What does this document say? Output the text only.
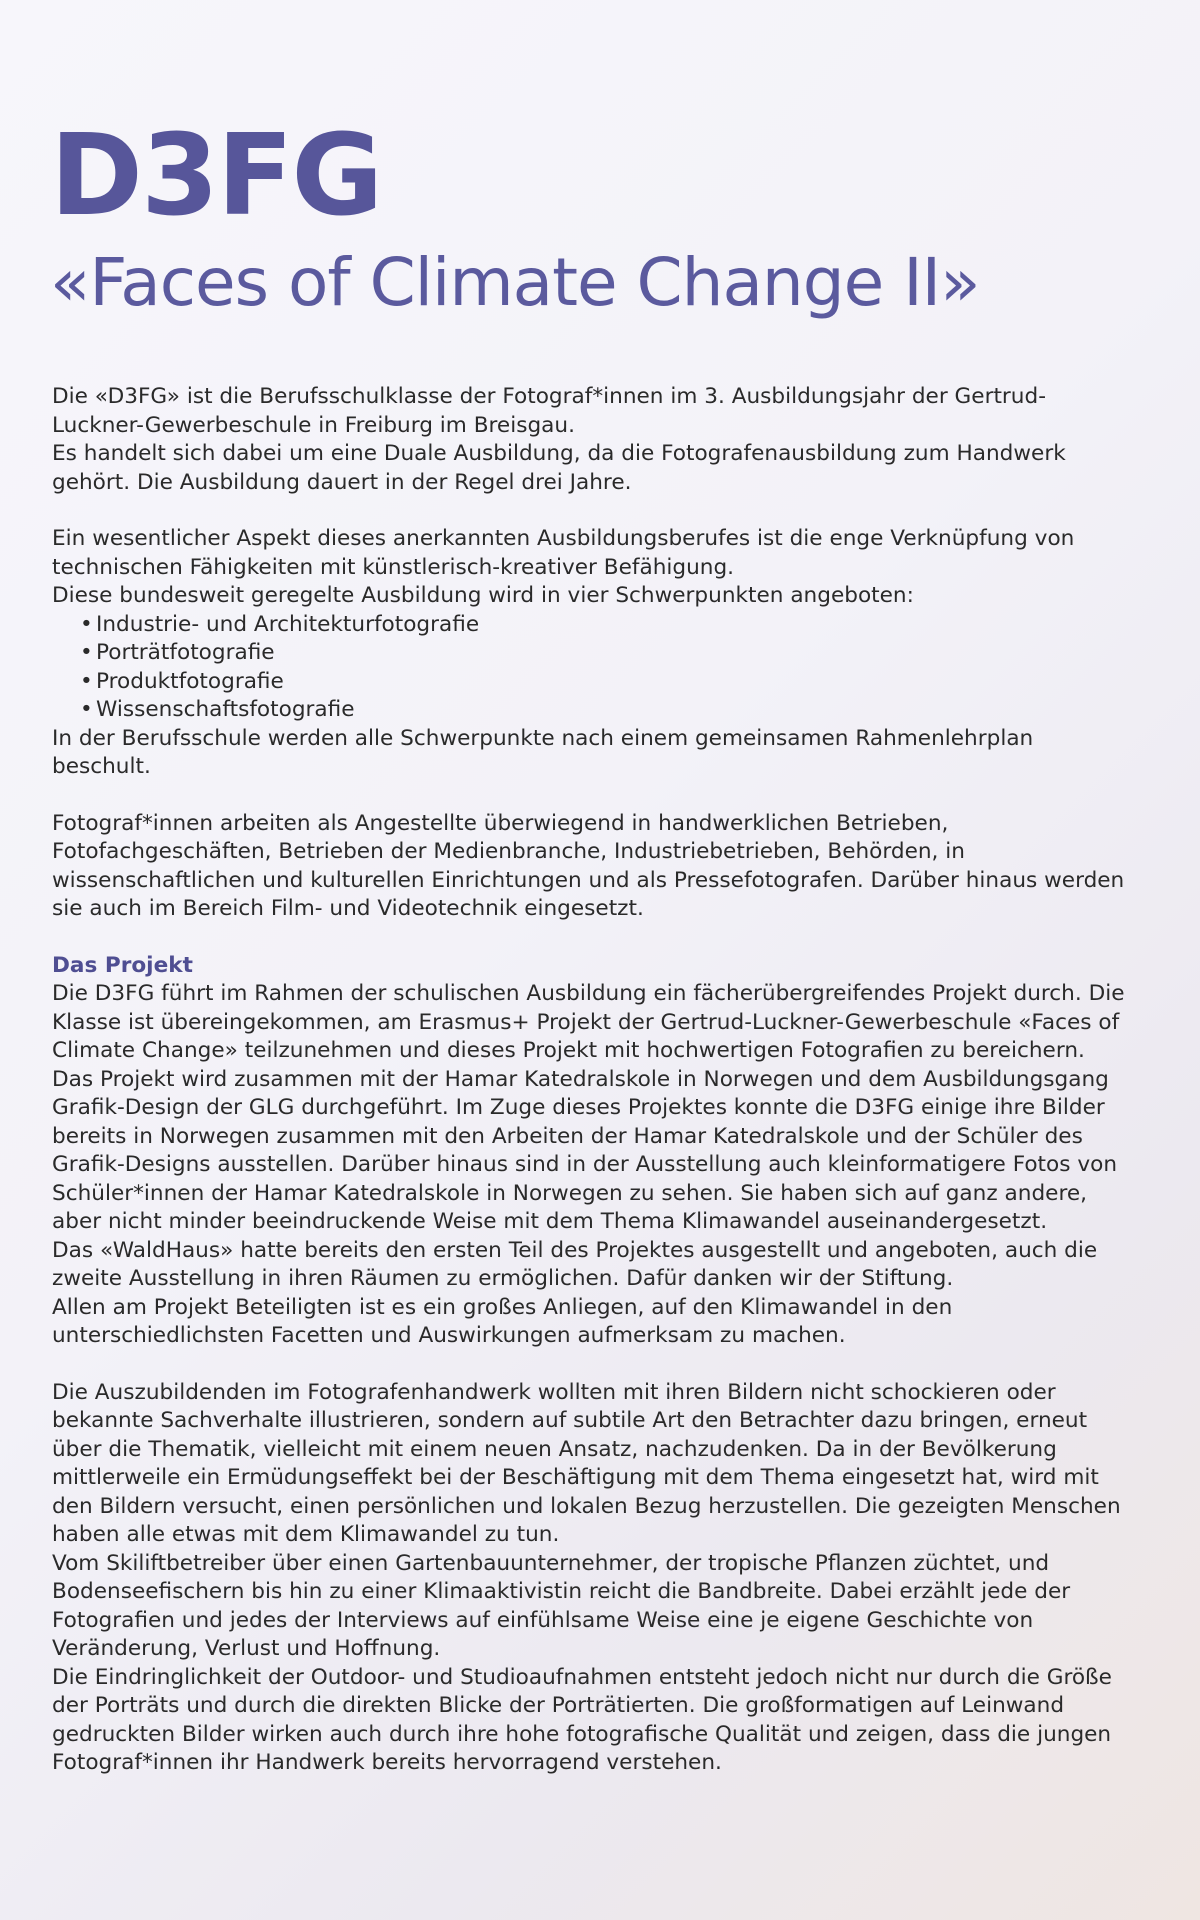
D3FG
«Faces of Climate Change II»

Die «D3FG» ist die Berufsschulklasse der Fotograf*innen im 3. Ausbildungsjahr der Gertrud-Luckner-Gewerbeschule in Freiburg im Breisgau.

Es handelt sich dabei um eine Duale Ausbildung, da die Fotografenausbildung zum Handwerk gehört. Die Ausbildung dauert in der Regel drei Jahre.

Ein wesentlicher Aspekt dieses anerkannten Ausbildungsberufes ist die enge Verknüpfung von technischen Fähigkeiten mit künstlerisch-kreativer Befähigung.

Diese bundesweit geregelte Ausbildung wird in vier Schwerpunkten angeboten:

• Industrie- und Architekturfotografie
• Porträtfotografie
• Produktfotografie
• Wissenschaftsfotografie

In der Berufsschule werden alle Schwerpunkte nach einem gemeinsamen Rahmenlehrplan beschult.

Fotograf*innen arbeiten als Angestellte überwiegend in handwerklichen Betrieben, Fotofachgeschäften, Betrieben der Medienbranche, Industriebetrieben, Behörden, in wissenschaftlichen und kulturellen Einrichtungen und als Pressefotografen. Darüber hinaus werden sie auch im Bereich Film- und Videotechnik eingesetzt.

Das Projekt

Die D3FG führt im Rahmen der schulischen Ausbildung ein fächerübergreifendes Projekt durch. Die Klasse ist übereingekommen, am Erasmus+ Projekt der Gertrud-Luckner-Gewerbeschule «Faces of Climate Change» teilzunehmen und dieses Projekt mit hochwertigen Fotografien zu bereichern. Das Projekt wird zusammen mit der Hamar Katedralskole in Norwegen und dem Ausbildungsgang Grafik-Design der GLG durchgeführt. Im Zuge dieses Projektes konnte die D3FG einige ihre Bilder bereits in Norwegen zusammen mit den Arbeiten der Hamar Katedralskole und der Schüler des Grafik-Designs ausstellen. Darüber hinaus sind in der Ausstellung auch kleinformatigere Fotos von Schüler*innen der Hamar Katedralskole in Norwegen zu sehen. Sie haben sich auf ganz andere, aber nicht minder beeindruckende Weise mit dem Thema Klimawandel auseinandergesetzt.

Das «WaldHaus» hatte bereits den ersten Teil des Projektes ausgestellt und angeboten, auch die zweite Ausstellung in ihren Räumen zu ermöglichen. Dafür danken wir der Stiftung.

Allen am Projekt Beteiligten ist es ein großes Anliegen, auf den Klimawandel in den unterschiedlichsten Facetten und Auswirkungen aufmerksam zu machen.

Die Auszubildenden im Fotografenhandwerk wollten mit ihren Bildern nicht schockieren oder bekannte Sachverhalte illustrieren, sondern auf subtile Art den Betrachter dazu bringen, erneut über die Thematik, vielleicht mit einem neuen Ansatz, nachzudenken. Da in der Bevölkerung mittlerweile ein Ermüdungseffekt bei der Beschäftigung mit dem Thema eingesetzt hat, wird mit den Bildern versucht, einen persönlichen und lokalen Bezug herzustellen. Die gezeigten Menschen haben alle etwas mit dem Klimawandel zu tun.

Vom Skiliftbetreiber über einen Gartenbauunternehmer, der tropische Pflanzen züchtet, und Bodenseefischern bis hin zu einer Klimaaktivistin reicht die Bandbreite. Dabei erzählt jede der Fotografien und jedes der Interviews auf einfühlsame Weise eine je eigene Geschichte von Veränderung, Verlust und Hoffnung.

Die Eindringlichkeit der Outdoor- und Studioaufnahmen entsteht jedoch nicht nur durch die Größe der Porträts und durch die direkten Blicke der Porträtierten. Die großformatigen auf Leinwand gedruckten Bilder wirken auch durch ihre hohe fotografische Qualität und zeigen, dass die jungen Fotograf*innen ihr Handwerk bereits hervorragend verstehen.
